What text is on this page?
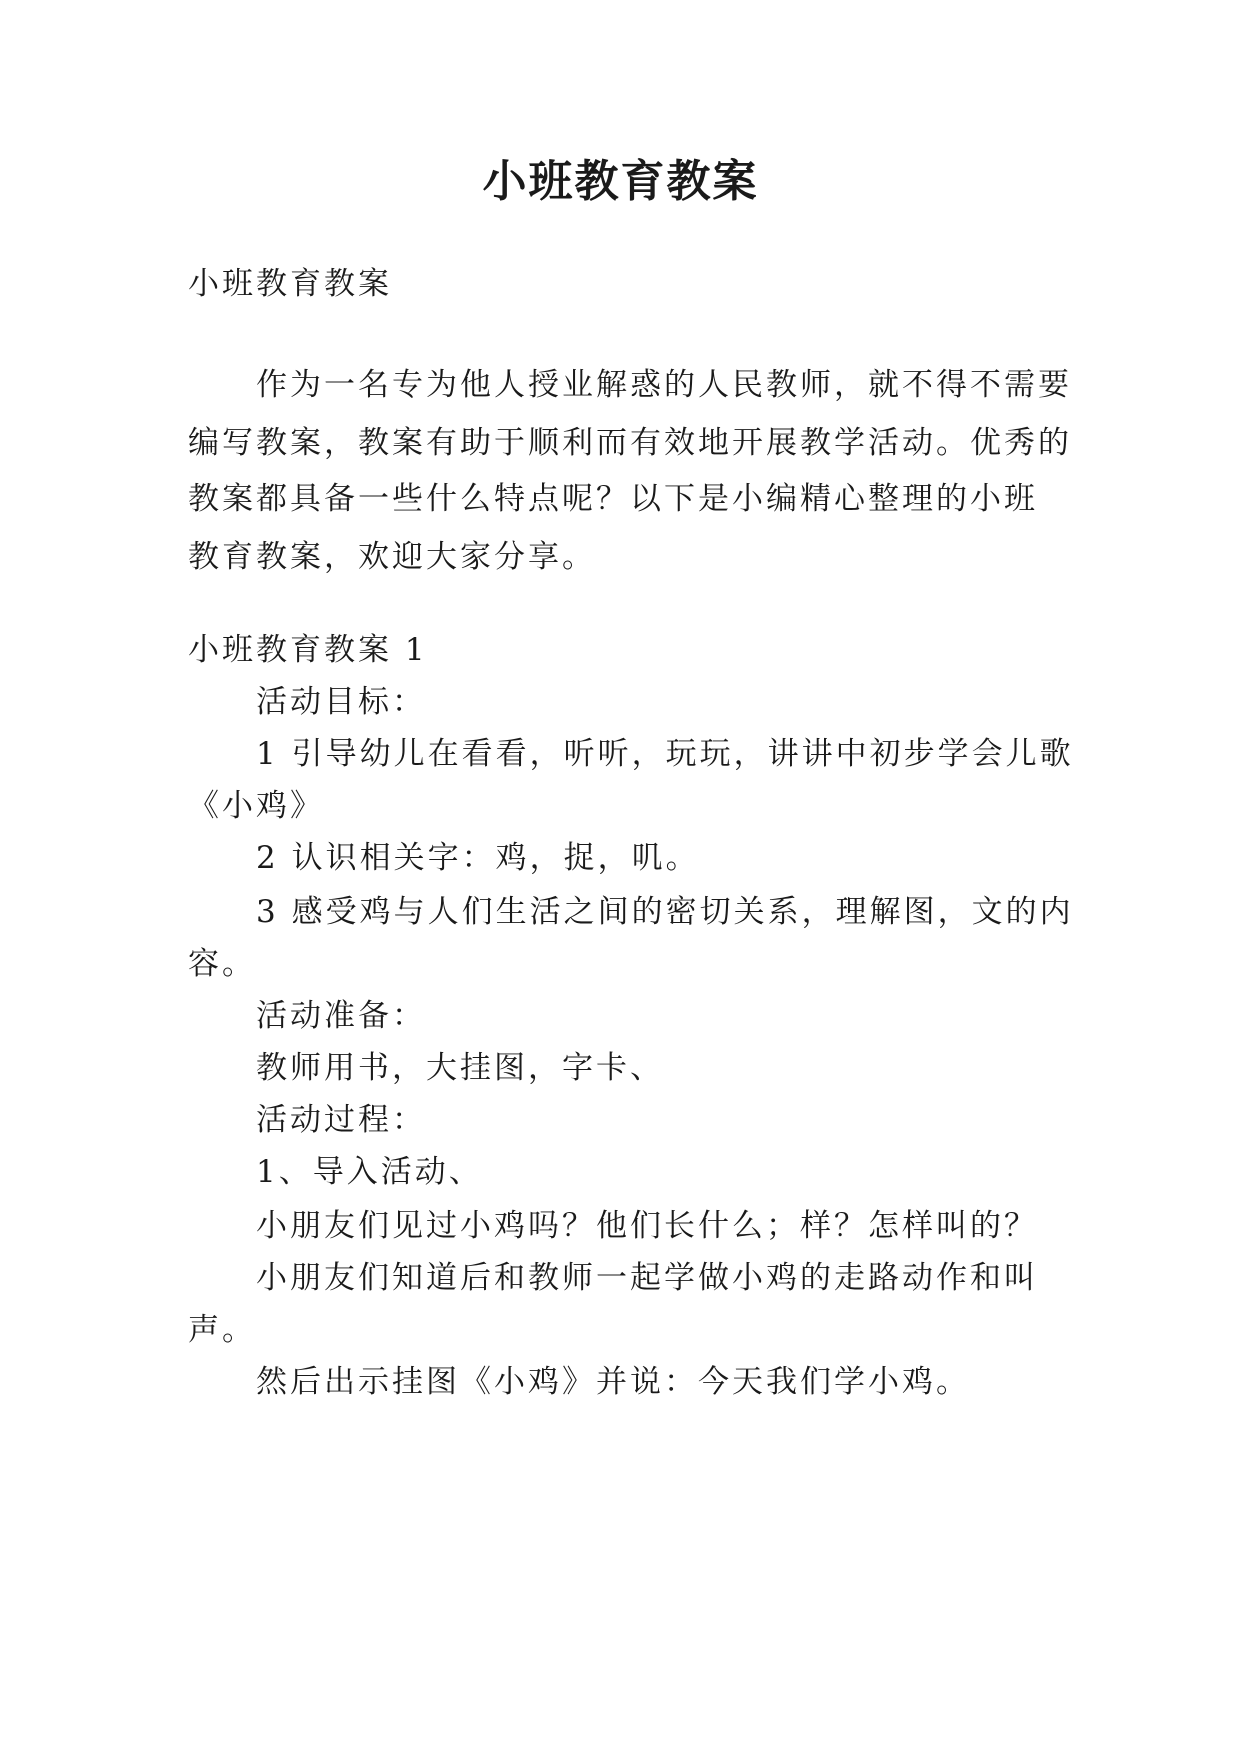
小班教育教案
小班教育教案
作为一名专为他人授业解惑的人民教师，就不得不需要
编写教案，教案有助于顺利而有效地开展教学活动。优秀的
教案都具备一些什么特点呢？以下是小编精心整理的小班
教育教案，欢迎大家分享。
小班教育教案 1
活动目标：
1 引导幼儿在看看，听听，玩玩，讲讲中初步学会儿歌
《小鸡》
2 认识相关字：鸡，捉，叽。
3 感受鸡与人们生活之间的密切关系，理解图，文的内
容。
活动准备：
教师用书，大挂图，字卡、
活动过程：
1、导入活动、
小朋友们见过小鸡吗？他们长什么；样？怎样叫的？
小朋友们知道后和教师一起学做小鸡的走路动作和叫
声。
然后出示挂图《小鸡》并说：今天我们学小鸡。
